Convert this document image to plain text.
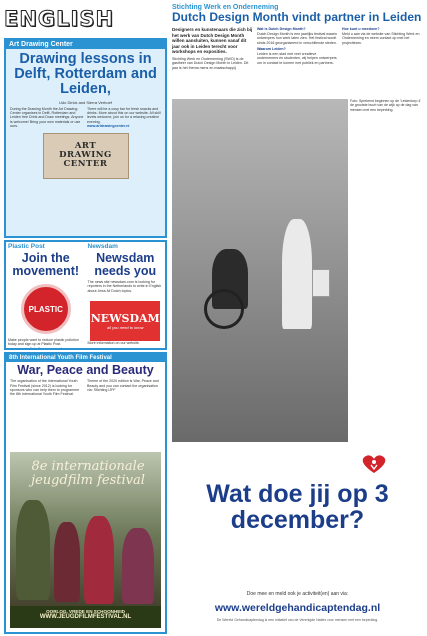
ENGLISH
Art Drawing Center
Drawing lessons in Delft, Rotterdam and Leiden,
Udo Dirick and Sierra Verhoef
During the Drawing Month the Art Drawing Center organises in Delft, Rotterdam and Leiden free Drink and Draw meetings. Anyone is welcome! Bring your own materials or use ours.
There will be a cosy bar for fresh snacks and drinks. More about this on our website. All skill levels welcome, join us for a relaxing creative evening.
www.artdrawingcenter.nl
ART
DRAWING
CENTER
Plastic Post
Join the movement!
PLASTIC
Make people want to reduce plastic pollution today and sign up at Plastic Post.
Join the movement
Newsdam
Newsdam needs you
The news site newsdam.com is looking for reporters in the Netherlands to write in English about Jews-Nl Dutch topics.
NEWSDAM
all you need to know
More information on our website.
8th International Youth Film Festival
War, Peace and Beauty
The organisation of the International Youth Film Festival (since 2012) is looking for sponsors who can help them to programme the 8th International Youth Film Festival.
Theme of the 2020 edition is War, Peace and Beauty and you can contact the organisation via: Stichting IJFF
8e internationale jeugdfilm festival
OORLOG, VREDE EN SCHOONHEID
WWW.JEUGDFILMFESTIVAL.NL
Stichting Werk en Onderneming
Dutch Design Month vindt partner in Leiden
Designers en kunstenaars die zich bij het werk van Dutch Design Month willen aansluiten, kunnen vanaf dit jaar ook in Leiden terecht voor workshops en exposities.
Stichting Werk en Onderneming (SWO) is de gastheer van Dutch Design Month in Leiden. Dit jaar is het thema mens en maatschappij.
Wat is Dutch Design Month?
Dutch Design Month is een jaarlijks festival waarin ontwerpers hun werk laten zien. Het festival wordt sinds 2016 georganiseerd in verschillende steden.
Waarom Leiden?
Leiden is een stad met veel creatieve ondernemers en studenten, wij helpen ontwerpers om in contact te komen met publiek en partners.
Hoe kunt u meedoen?
Meld u aan via de website van Stichting Werk en Onderneming en neem contact op met het projectteam.
Foto: Sprekend beginnen op de 'Leiderdorp 4' de grootste buurt van de wijk op de dag van mensen met een beperking.
Wat doe jij op 3 december?
Doe mee en meld ook je activiteit(en) aan via:
www.wereldgehandicaptendag.nl
De Wereld Gehandicaptendag is een initiatief van de Verenigde Naties voor mensen met een beperking.
